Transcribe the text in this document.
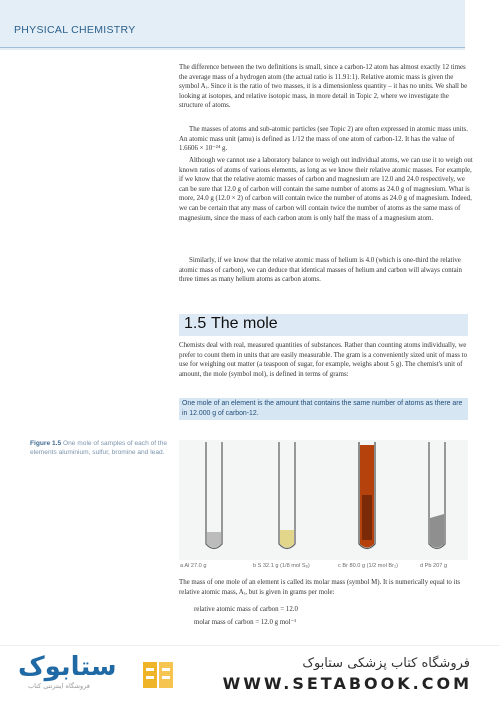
PHYSICAL CHEMISTRY
The difference between the two definitions is small, since a carbon-12 atom has almost exactly 12 times the average mass of a hydrogen atom (the actual ratio is 11.91:1). Relative atomic mass is given the symbol Aᵣ. Since it is the ratio of two masses, it is a dimensionless quantity – it has no units. We shall be looking at isotopes, and relative isotopic mass, in more detail in Topic 2, where we investigate the structure of atoms.
The masses of atoms and sub-atomic particles (see Topic 2) are often expressed in atomic mass units. An atomic mass unit (amu) is defined as 1/12 the mass of one atom of carbon-12. It has the value of 1.6606 × 10⁻²⁴ g.
Although we cannot use a laboratory balance to weigh out individual atoms, we can use it to weigh out known ratios of atoms of various elements, as long as we know their relative atomic masses. For example, if we know that the relative atomic masses of carbon and magnesium are 12.0 and 24.0 respectively, we can be sure that 12.0 g of carbon will contain the same number of atoms as 24.0 g of magnesium. What is more, 24.0 g (12.0 × 2) of carbon will contain twice the number of atoms as 24.0 g of magnesium. Indeed, we can be certain that any mass of carbon will contain twice the number of atoms as the same mass of magnesium, since the mass of each carbon atom is only half the mass of a magnesium atom.
Similarly, if we know that the relative atomic mass of helium is 4.0 (which is one-third the relative atomic mass of carbon), we can deduce that identical masses of helium and carbon will always contain three times as many helium atoms as carbon atoms.
1.5 The mole
Chemists deal with real, measured quantities of substances. Rather than counting atoms individually, we prefer to count them in units that are easily measurable. The gram is a conveniently sized unit of mass to use for weighing out matter (a teaspoon of sugar, for example, weighs about 5 g). The chemist's unit of amount, the mole (symbol mol), is defined in terms of grams:
One mole of an element is the amount that contains the same number of atoms as there are in 12.000 g of carbon-12.
Figure 1.5 One mole of samples of each of the elements aluminium, sulfur, bromine and lead.
a Al 27.0 g	b S 32.1 g (1/8 mol S₈)	c Br 80.0 g (1/2 mol Br₂)	d Pb 207 g
The mass of one mole of an element is called its molar mass (symbol M). It is numerically equal to its relative atomic mass, Aᵣ, but is given in grams per mole:
relative atomic mass of carbon = 12.0
molar mass of carbon = 12.0 g mol⁻¹
ستابوک
فروشگاه اینترنتی کتاب
فروشگاه کتاب پزشکی ستابوک
WWW.SETABOOK.COM
